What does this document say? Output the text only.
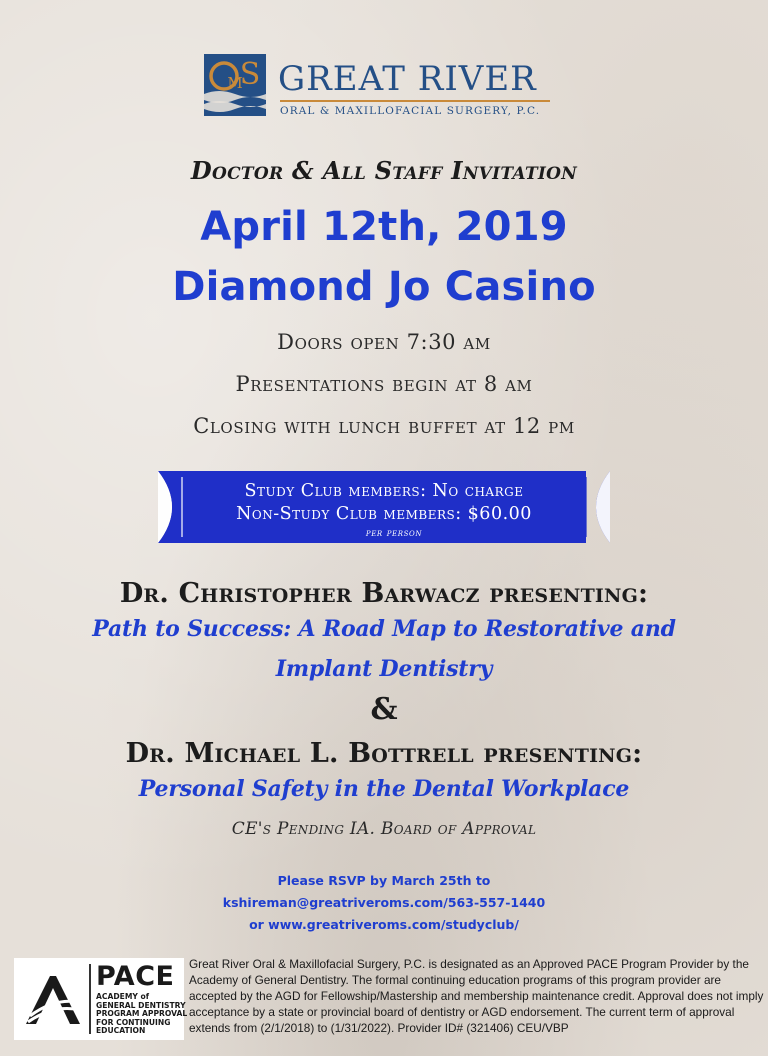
M
S GREAT RIVER
ORAL & MAXILLOFACIAL SURGERY, P.C.
Doctor & All Staff Invitation
April 12th, 2019
Diamond Jo Casino
Doors open 7:30 am
Presentations begin at 8 am
Closing with lunch buffet at 12 pm
Study Club members: No charge
Non-Study Club members: $60.00
per person
Dr. Christopher Barwacz presenting:
Path to Success: A Road Map to Restorative and Implant Dentistry
&
Dr. Michael L. Bottrell presenting:
Personal Safety in the Dental Workplace
CE's Pending IA. Board of Approval
Please RSVP by March 25th to
kshireman@greatriveroms.com/563-557-1440
or www.greatriveroms.com/studyclub/
PACE
ACADEMY of
GENERAL DENTISTRY
PROGRAM APPROVAL
FOR CONTINUING
EDUCATION
Great River Oral & Maxillofacial Surgery, P.C. is designated as an Approved PACE Program Provider by the Academy of General Dentistry. The formal continuing education programs of this program provider are accepted by the AGD for Fellowship/Mastership and membership maintenance credit. Approval does not imply acceptance by a state or provincial board of dentistry or AGD endorsement. The current term of approval extends from (2/1/2018) to (1/31/2022). Provider ID# (321406) CEU/VBP
